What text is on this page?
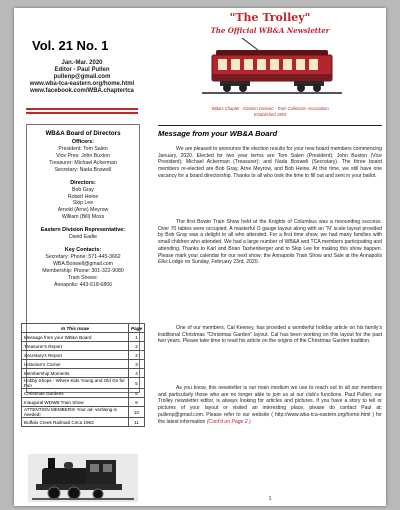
Vol. 21 No. 1
Jan.-Mar. 2020
Editor - Paul Pullen
pullenp@gmail.com
www.wba-tca-eastern.org/home.html
www.facebook.com/WBA.chaptertca
WB&A Board of Directors
Officers:
President: Tom Salen
Vice Pres: John Buxton
Treasurer: Michael Ackerman
Secretary: Nada Boswell
Directors:
Bob Gray
Robert Heine
Skip Lee
Arnold (Arne) Meyrow
William (Bill) Moss
Eastern Division Representative:
David Eadie
Key Contacts:
Secretary: Phone: 571-445-3662
WBA.Boswell@gmail.com
Membership: Phone: 301-322-9080
Train Shows:
Annapolis: 443-618-6866
In This Issue	Page
Message from your WB&A Board	1
Treasurer's Report	2
Secretary's Report	2
Historian's Corner	3
Membership Moments	4
Hobby Shops - Where Kids Young and Old Go for Fun	5
Christmas Gardens	6
Inaugural WDWB Train Show	8
ATTENTION MEMBERS! Your ad- vertising is needed!	10
Buffalo Creek Railroad Circa 1963	11
"The Trolley"
The Official WB&A Newsletter
WB&A Chapter - Eastern Division - Train Collectors Association
Established 1993
Message from your WB&A Board
We are pleased to announce the election results for your new board members commencing January, 2020. Elected for two year terms are Tom Salen (President); John Buxton (Vice President); Michael Ackerman (Treasurer); and Nada Boswell (Secretary). The three board members re-elected are Bob Gray, Arne Meyrow, and Bob Heine. At this time, we still have one vacancy for a board directorship. Thanks to all who took the time to fill out and sent in your ballot.
The first Bowie Train Show held at the Knights of Columbus was a resounding success. Over 70 tables were occupied. A masterful O gauge layout along with an "N' scale layout provided by Bob Gray was a delight to all who attended. For a first time show, we had many families with small children who attended. We had a large number of WB&A and TCA members participating and attending. Thanks to Karl and Brian Tashenberger and to Skip Lee for making this show happen. Please mark your calendar for our next show; the Annapolis Train Show and Sale at the Annapolis Elks Lodge on Sunday, February 23rd, 2020.
One of our members, Cal Keeney, has provided a wonderful holiday article on his family's traditional Christmas "Christmas Garden" layout. Cal has been working on this layout for the past two years. Please take time to read his article on the origins of the Christmas Garden tradition.
As you know, this newsletter is our main medium we use to reach out to all our members and particularly those who are no longer able to join us at our club's functions. Paul Pullen, our Trolley newsletter editor, is always looking for articles and pictures. If you have a story to tell or pictures of your layout or visited an interesting place, please do contact Paul at: pullenp@gmail.com. Please refer to our website ( http://www.wba-tca-eastern.org/home.html ) for the latest information (Cont'd on Page 2 )
1
